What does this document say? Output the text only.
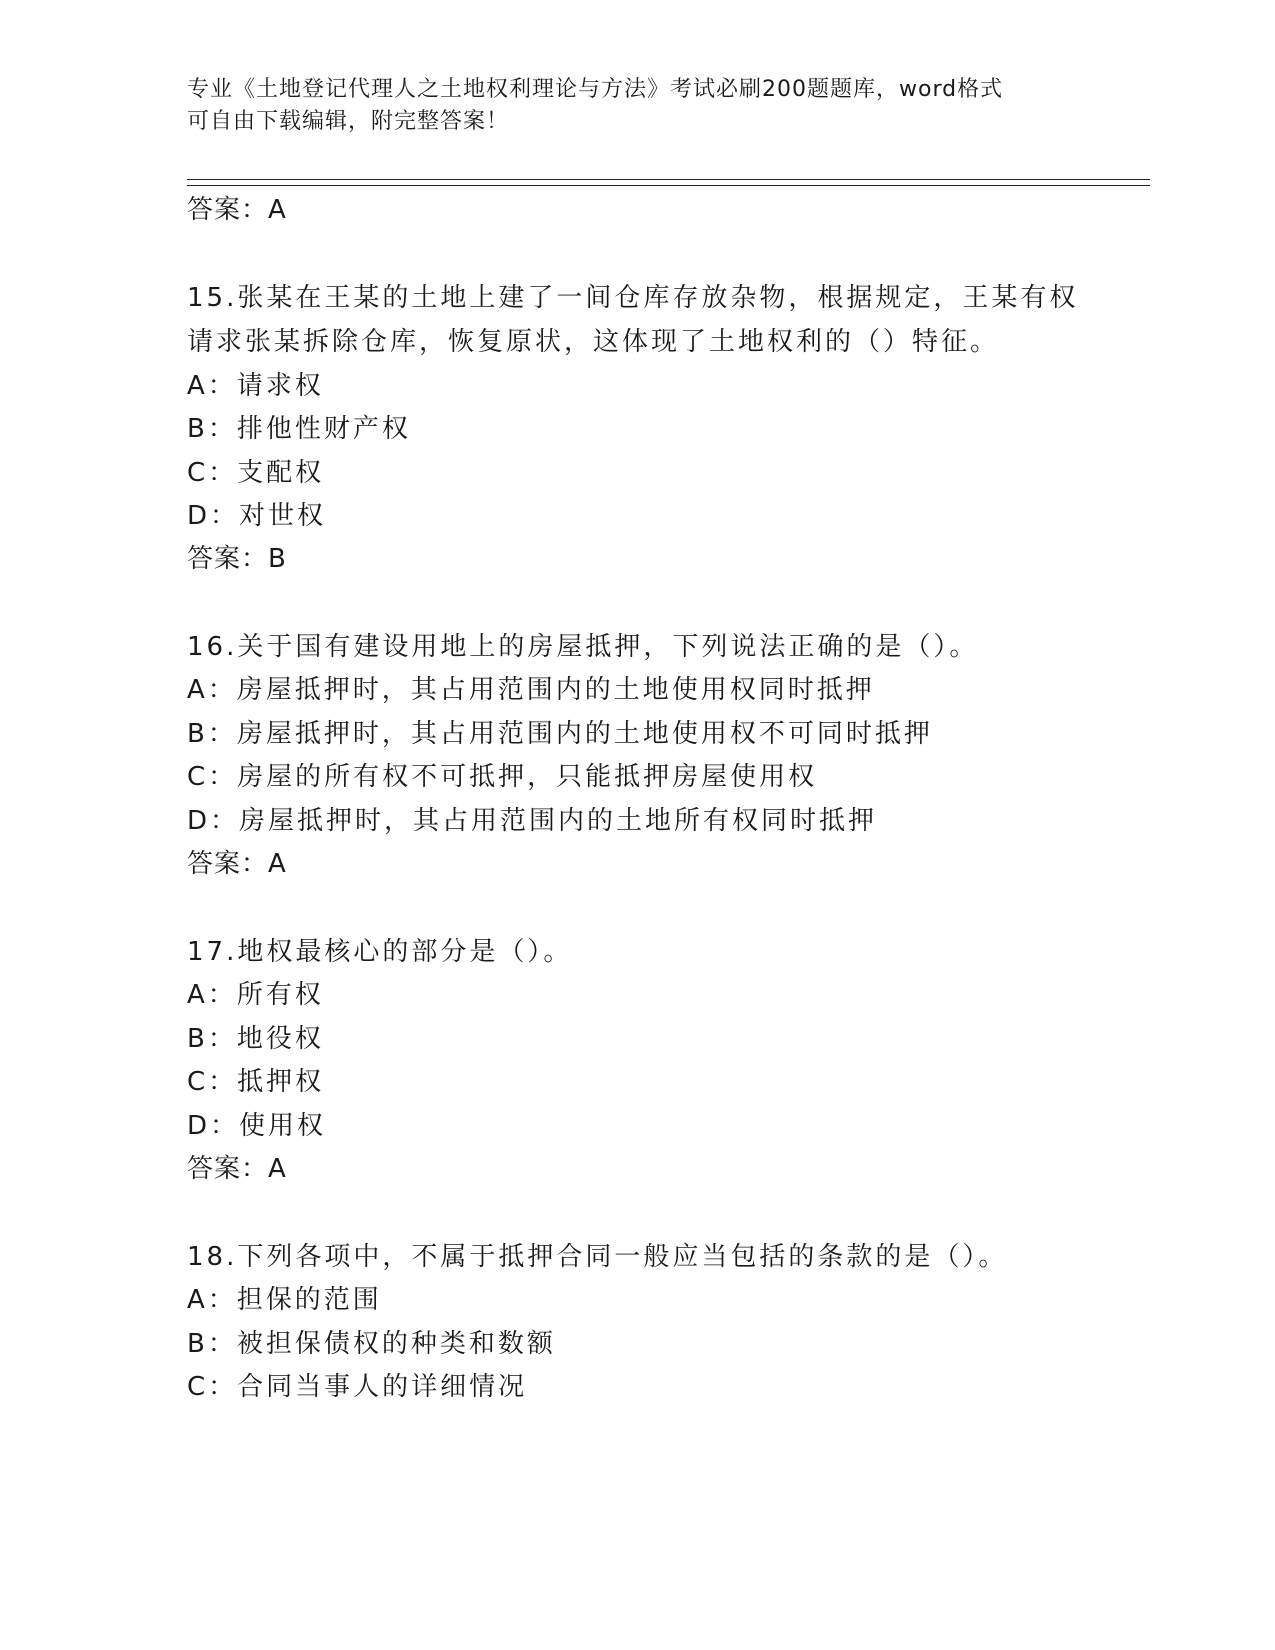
专业《土地登记代理人之土地权利理论与方法》考试必刷200题题库，word格式
可自由下载编辑，附完整答案！
答案：A
15.张某在王某的土地上建了一间仓库存放杂物，根据规定，王某有权
请求张某拆除仓库，恢复原状，这体现了土地权利的（）特征。
A：请求权
B：排他性财产权
C：支配权
D：对世权
答案：B
16.关于国有建设用地上的房屋抵押，下列说法正确的是（）。
A：房屋抵押时，其占用范围内的土地使用权同时抵押
B：房屋抵押时，其占用范围内的土地使用权不可同时抵押
C：房屋的所有权不可抵押，只能抵押房屋使用权
D：房屋抵押时，其占用范围内的土地所有权同时抵押
答案：A
17.地权最核心的部分是（）。
A：所有权
B：地役权
C：抵押权
D：使用权
答案：A
18.下列各项中，不属于抵押合同一般应当包括的条款的是（）。
A：担保的范围
B：被担保债权的种类和数额
C：合同当事人的详细情况
